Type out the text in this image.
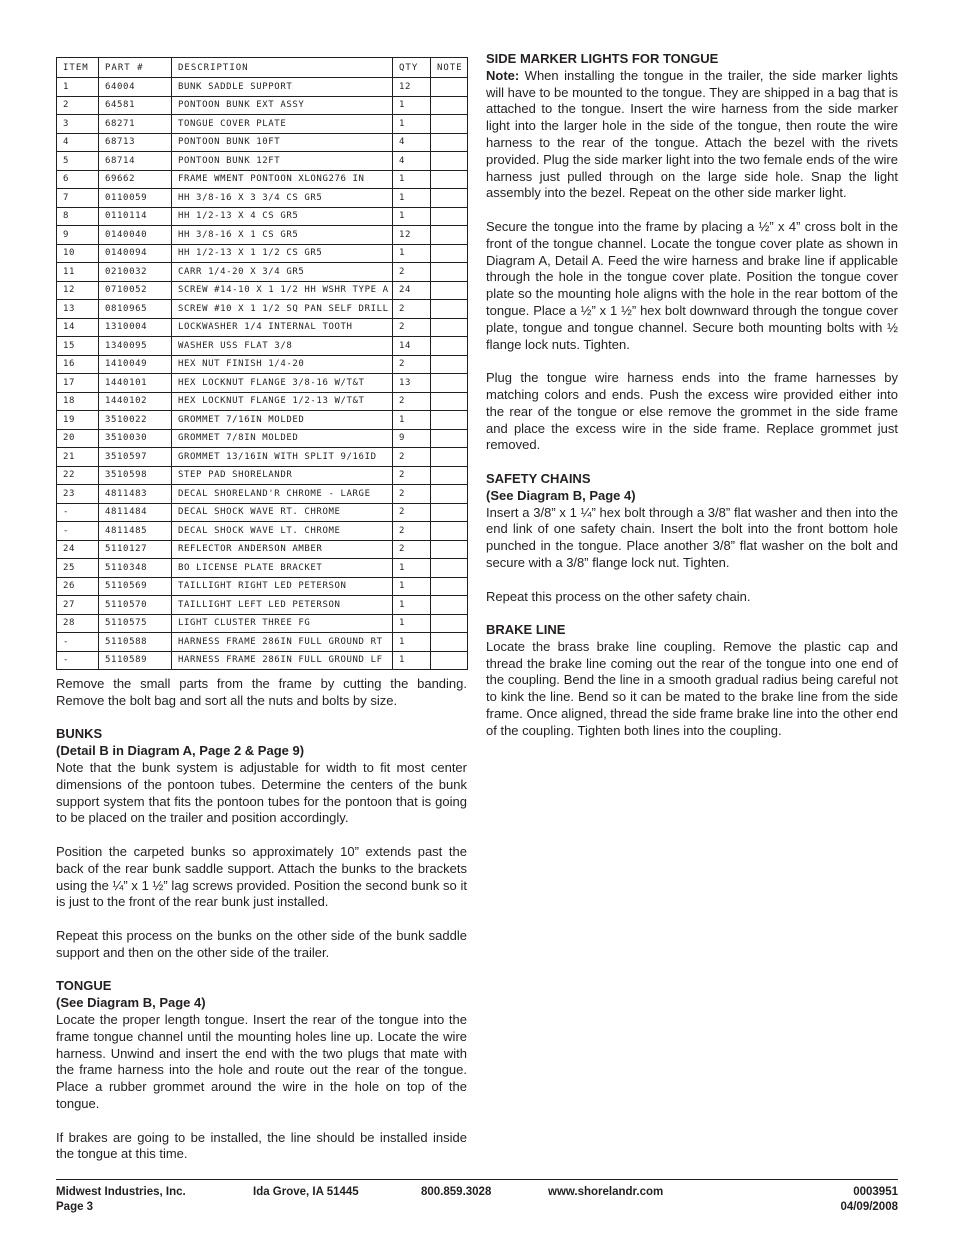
ITEM	PART #	DESCRIPTION	QTY	NOTE
1	64004	BUNK SADDLE SUPPORT	12	
2	64581	PONTOON BUNK EXT ASSY	1	
3	68271	TONGUE COVER PLATE	1	
4	68713	PONTOON BUNK 10FT	4	
5	68714	PONTOON BUNK 12FT	4	
6	69662	FRAME WMENT PONTOON XLONG276 IN	1	
7	0110059	HH 3/8-16 X 3 3/4 CS GR5	1	
8	0110114	HH 1/2-13 X 4 CS GR5	1	
9	0140040	HH 3/8-16 X 1 CS GR5	12	
10	0140094	HH 1/2-13 X 1 1/2 CS GR5	1	
11	0210032	CARR 1/4-20 X 3/4 GR5	2	
12	0710052	SCREW #14-10 X 1 1/2 HH WSHR TYPE A	24	
13	0810965	SCREW #10 X 1 1/2 SQ PAN SELF DRILL	2	
14	1310004	LOCKWASHER 1/4 INTERNAL TOOTH	2	
15	1340095	WASHER USS FLAT 3/8	14	
16	1410049	HEX NUT FINISH 1/4-20	2	
17	1440101	HEX LOCKNUT FLANGE 3/8-16 W/T&T	13	
18	1440102	HEX LOCKNUT FLANGE 1/2-13 W/T&T	2	
19	3510022	GROMMET 7/16IN MOLDED	1	
20	3510030	GROMMET 7/8IN MOLDED	9	
21	3510597	GROMMET 13/16IN WITH SPLIT 9/16ID	2	
22	3510598	STEP PAD SHORELANDR	2	
23	4811483	DECAL SHORELAND'R CHROME - LARGE	2	
-	4811484	DECAL SHOCK WAVE RT. CHROME	2	
-	4811485	DECAL SHOCK WAVE LT. CHROME	2	
24	5110127	REFLECTOR ANDERSON AMBER	2	
25	5110348	BO LICENSE PLATE BRACKET	1	
26	5110569	TAILLIGHT RIGHT LED PETERSON	1	
27	5110570	TAILLIGHT LEFT LED PETERSON	1	
28	5110575	LIGHT CLUSTER THREE FG	1	
-	5110588	HARNESS FRAME 286IN FULL GROUND RT	1	
-	5110589	HARNESS FRAME 286IN FULL GROUND LF	1	

Remove the small parts from the frame by cutting the banding. Remove the bolt bag and sort all the nuts and bolts by size.

BUNKS
(Detail B in Diagram A, Page 2 & Page 9)

Note that the bunk system is adjustable for width to fit most center dimensions of the pontoon tubes. Determine the centers of the bunk support system that fits the pontoon tubes for the pontoon that is going to be placed on the trailer and position accordingly.

Position the carpeted bunks so approximately 10” extends past the back of the rear bunk saddle support. Attach the bunks to the brackets using the ¼” x 1 ½” lag screws provided. Position the second bunk so it is just to the front of the rear bunk just installed.

Repeat this process on the bunks on the other side of the bunk saddle support and then on the other side of the trailer.

TONGUE
(See Diagram B, Page 4)

Locate the proper length tongue. Insert the rear of the tongue into the frame tongue channel until the mounting holes line up. Locate the wire harness. Unwind and insert the end with the two plugs that mate with the frame harness into the hole and route out the rear of the tongue. Place a rubber grommet around the wire in the hole on top of the tongue.

If brakes are going to be installed, the line should be installed inside the tongue at this time.

SIDE MARKER LIGHTS FOR TONGUE

Note: When installing the tongue in the trailer, the side marker lights will have to be mounted to the tongue. They are shipped in a bag that is attached to the tongue. Insert the wire harness from the side marker light into the larger hole in the side of the tongue, then route the wire harness to the rear of the tongue. Attach the bezel with the rivets provided. Plug the side marker light into the two female ends of the wire harness just pulled through on the large side hole. Snap the light assembly into the bezel. Repeat on the other side marker light.

Secure the tongue into the frame by placing a ½” x 4” cross bolt in the front of the tongue channel. Locate the tongue cover plate as shown in Diagram A, Detail A. Feed the wire harness and brake line if applicable through the hole in the tongue cover plate. Position the tongue cover plate so the mounting hole aligns with the hole in the rear bottom of the tongue. Place a ½” x 1 ½” hex bolt downward through the tongue cover plate, tongue and tongue channel. Secure both mounting bolts with ½ flange lock nuts. Tighten.

Plug the tongue wire harness ends into the frame harnesses by matching colors and ends. Push the excess wire provided either into the rear of the tongue or else remove the grommet in the side frame and place the excess wire in the side frame. Replace grommet just removed.

SAFETY CHAINS
(See Diagram B, Page 4)

Insert a 3/8” x 1 ¼” hex bolt through a 3/8” flat washer and then into the end link of one safety chain. Insert the bolt into the front bottom hole punched in the tongue. Place another 3/8” flat washer on the bolt and secure with a 3/8” flange lock nut. Tighten.

Repeat this process on the other safety chain.

BRAKE LINE

Locate the brass brake line coupling. Remove the plastic cap and thread the brake line coming out the rear of the tongue into one end of the coupling. Bend the line in a smooth gradual radius being careful not to kink the line. Bend so it can be mated to the brake line from the side frame. Once aligned, thread the side frame brake line into the other end of the coupling. Tighten both lines into the coupling.

Midwest Industries, Inc.
Page 3
Ida Grove, IA 51445	800.859.3028	www.shorelandr.com	0003951
04/09/2008
